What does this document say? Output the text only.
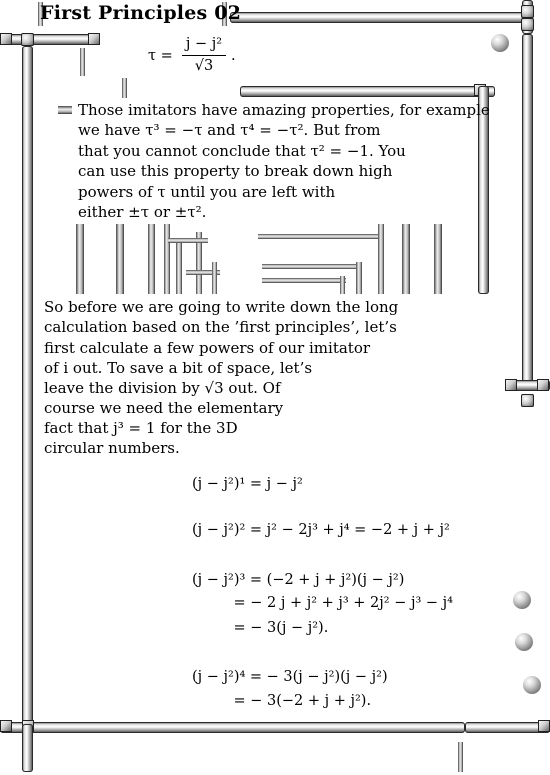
First Principles 02
τ =
j − j²
√3
.
Those imitators have amazing properties, for example
we have τ³ = −τ and τ⁴ = −τ². But from
that you cannot conclude that τ² = −1. You
can use this property to break down high
powers of τ until you are left with
either ±τ or ±τ².
So before we are going to write down the long
calculation based on the ’first principles’, let’s
first calculate a few powers of our imitator
of i out. To save a bit of space, let’s
leave the division by √3 out. Of
course we need the elementary
fact that j³ = 1 for the 3D
circular numbers.
(j − j²)¹ = j − j²
(j − j²)² = j² − 2j³ + j⁴ = −2 + j + j²
(j − j²)³ = (−2 + j + j²)(j − j²)
= − 2 j + j² + j³ + 2j² − j³ − j⁴
= − 3(j − j²).
(j − j²)⁴ = − 3(j − j²)(j − j²)
= − 3(−2 + j + j²).
